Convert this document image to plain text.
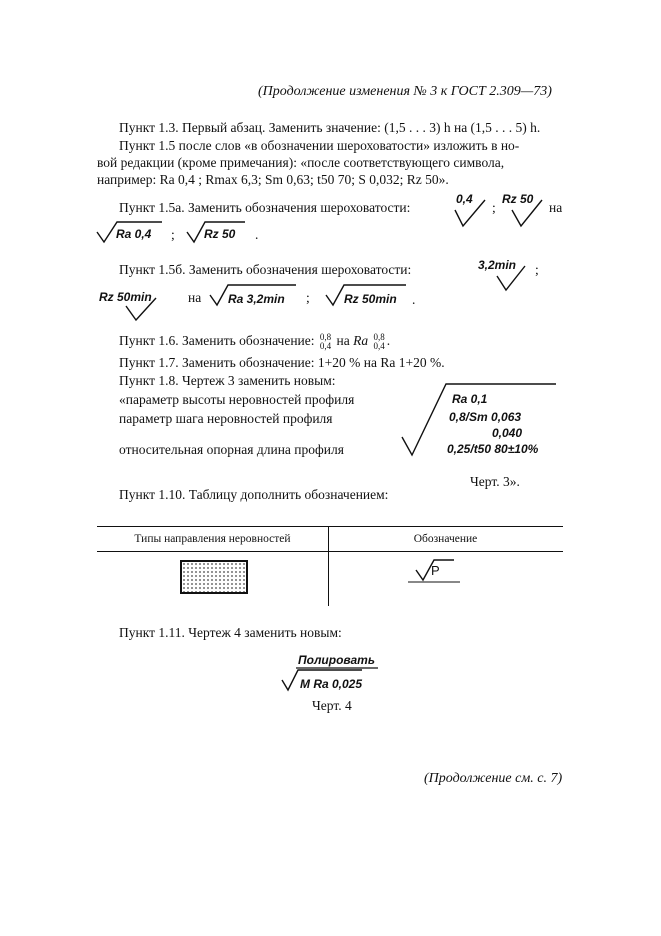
(Продолжение изменения № 3 к ГОСТ 2.309—73)
Пункт 1.3. Первый абзац. Заменить значение: (1,5 . . . 3) h на (1,5 . . . 5) h.
Пункт 1.5 после слов «в обозначении шероховатости» изложить в но-
вой редакции (кроме примечания): «после соответствующего символа,
например: Ra 0,4 ; Rmax 6,3; Sm 0,63; t50 70; S 0,032; Rz 50».
Пункт 1.5а. Заменить обозначения шероховатости:
0,4
;
Rz 50
на
Ra 0,4 ; Rz 50 .
Пункт 1.5б. Заменить обозначения шероховатости:	3,2min ;
Rz 50min	на Ra 3,2min ;	Rz 50min .
Пункт 1.6. Заменить обозначение: 0,8
0,4 на Ra 0,8
0,4 .
Пункт 1.7. Заменить обозначение: 1+20 % на Ra 1+20 %.
Пункт 1.8. Чертеж 3 заменить новым:
«параметр высоты неровностей профиля
параметр шага неровностей профиля
относительная опорная длина профиля
Ra 0,1
0,8/Sm 0,063
0,040
0,25/t50 80±10%
Черт. 3».
Пункт 1.10. Таблицу дополнить обозначением:
Типы направления неровностей	Обозначение
P
Пункт 1.11. Чертеж 4 заменить новым:
Полировать
M Ra 0,025
Черт. 4
(Продолжение см. с. 7)
